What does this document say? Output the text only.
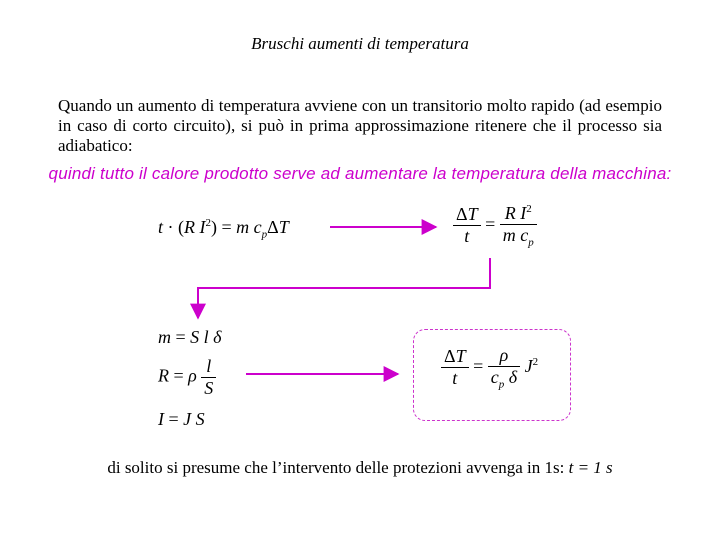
Bruschi aumenti di temperatura
Quando un aumento di temperatura avviene con un transitorio molto rapido (ad esempio in caso di corto circuito), si può in prima approssimazione ritenere che il processo sia adiabatico:
quindi tutto il calore prodotto serve ad aumentare la temperatura della macchina:
t · (R $I^2) = m$ $c_p\Delta T$	$\frac{\Delta T}{t} = \frac{R I^2}{m c_p}$
m = S l δ
R = ρ $\frac{l}{S}$
I = J S
$\frac{\Delta T}{t} = \frac{\rho}{c_p \delta} J^2$
di solito si presume che l’intervento delle protezioni avvenga in 1s: t = 1 s
